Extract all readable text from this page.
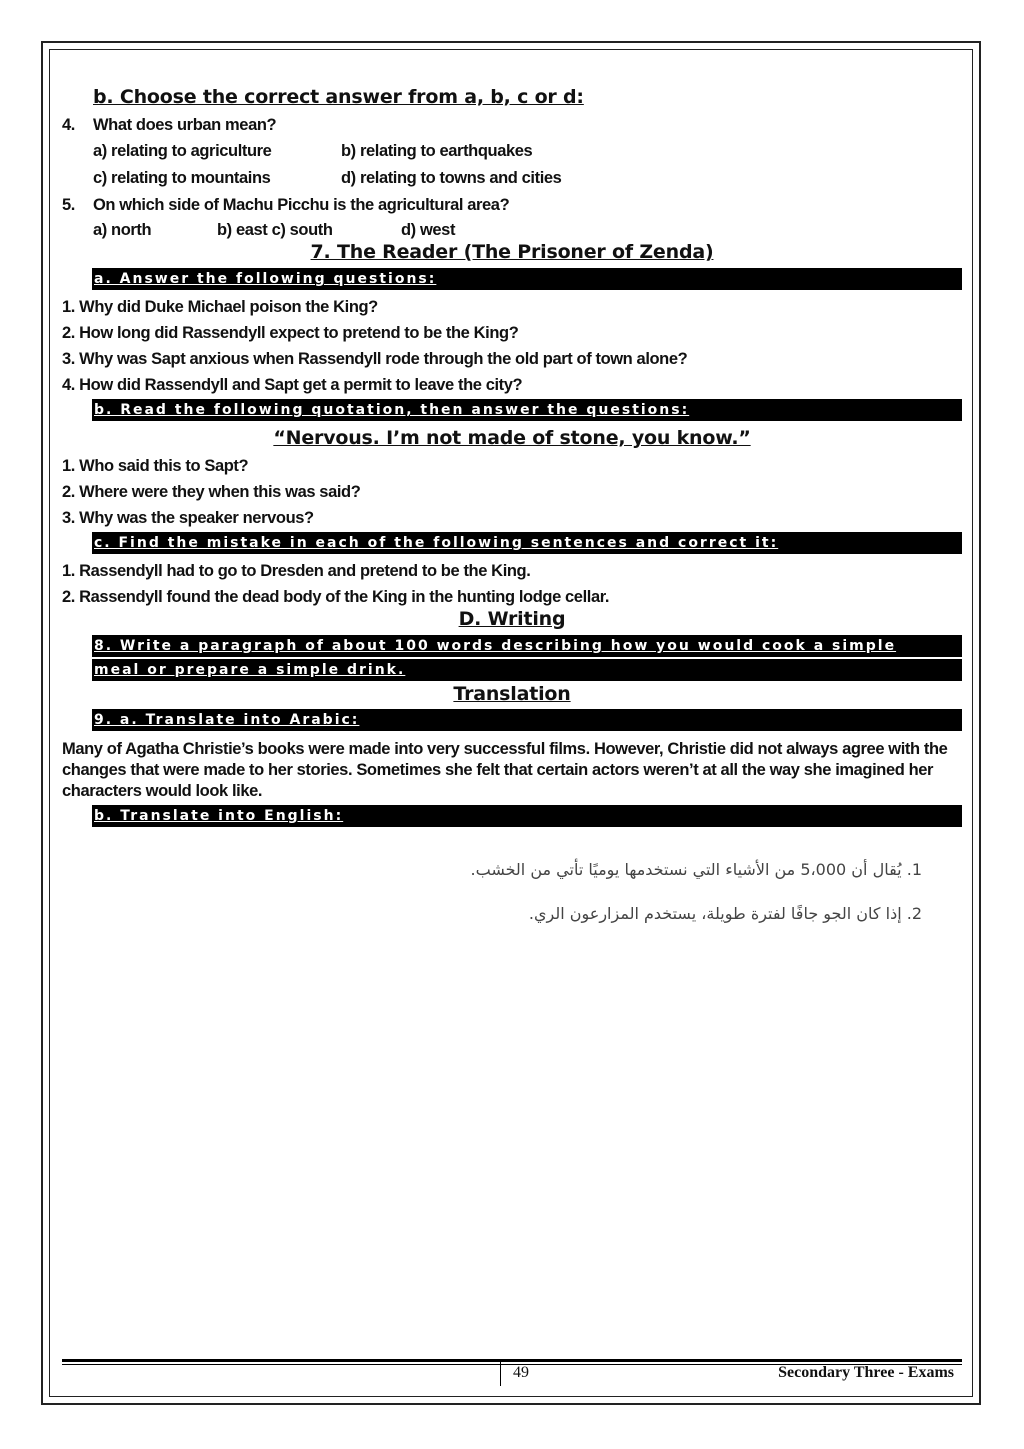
b. Choose the correct answer from a, b, c or d:
4. What does urban mean?
a) relating to agriculture	b) relating to earthquakes
c) relating to mountains	d) relating to towns and cities
5. On which side of Machu Picchu is the agricultural area?
a) north	b) east c) south	d) west
7. The Reader (The Prisoner of Zenda)
a. Answer the following questions:
1. Why did Duke Michael poison the King?
2. How long did Rassendyll expect to pretend to be the King?
3. Why was Sapt anxious when Rassendyll rode through the old part of town alone?
4. How did Rassendyll and Sapt get a permit to leave the city?
b. Read the following quotation, then answer the questions:
“Nervous. I’m not made of stone, you know.”
1. Who said this to Sapt?
2. Where were they when this was said?
3. Why was the speaker nervous?
c. Find the mistake in each of the following sentences and correct it:
1. Rassendyll had to go to Dresden and pretend to be the King.
2. Rassendyll found the dead body of the King in the hunting lodge cellar.
D. Writing
8. Write a paragraph of about 100 words describing how you would cook a simple
meal or prepare a simple drink.
Translation
9. a. Translate into Arabic:
Many of Agatha Christie’s books were made into very successful films. However, Christie did not always agree with the changes that were made to her stories. Sometimes she felt that certain actors weren’t at all the way she imagined her characters would look like.
b. Translate into English:
1. يُقال أن 5،000 من الأشياء التي نستخدمها يوميًا تأتي من الخشب.
2. إذا كان الجو جافًا لفترة طويلة، يستخدم المزارعون الري.
49	Secondary Three - Exams
